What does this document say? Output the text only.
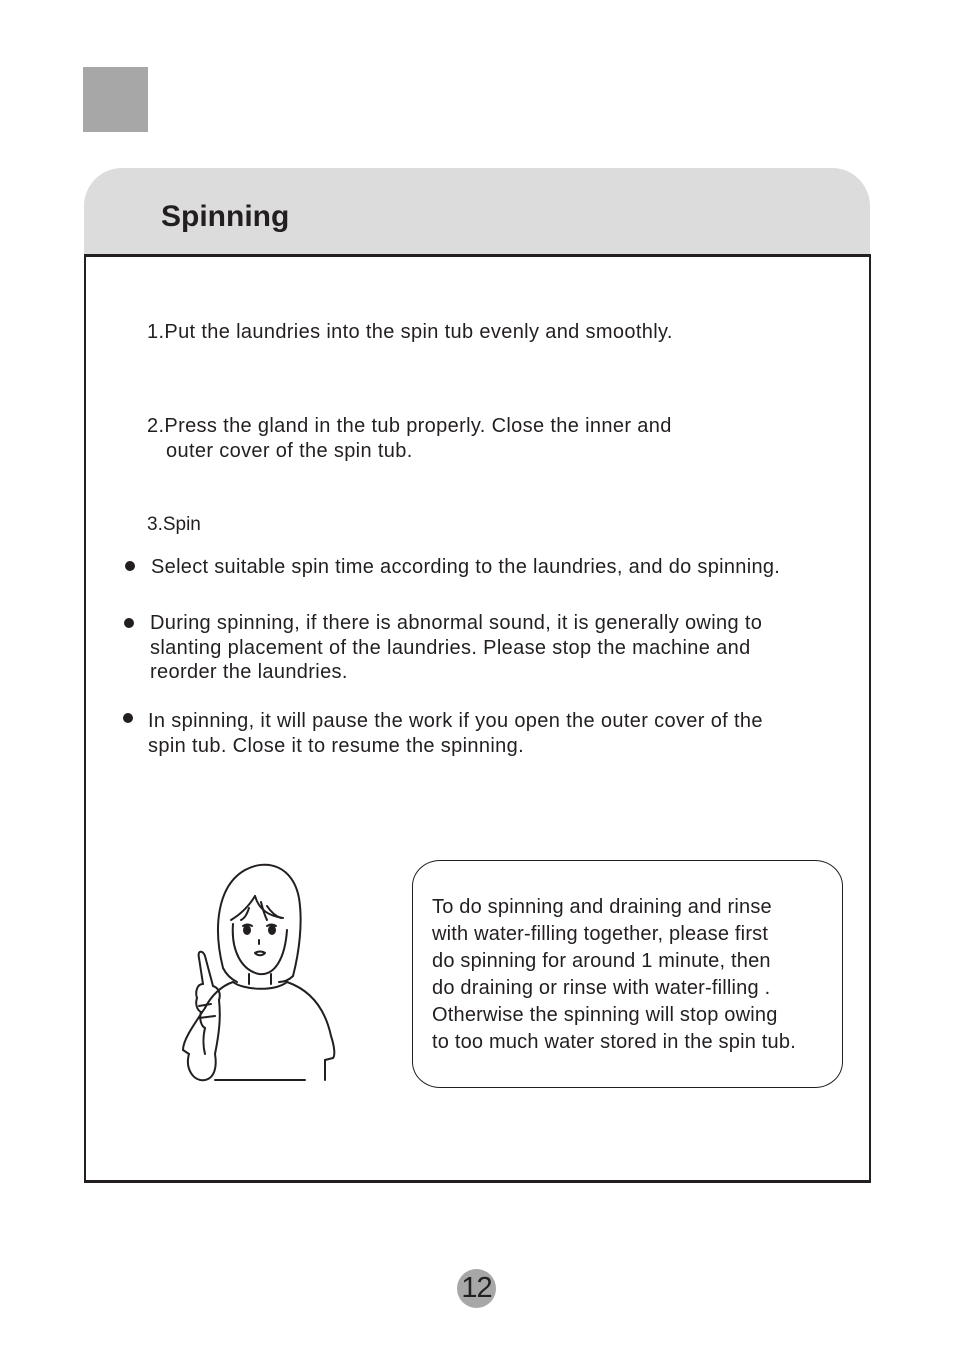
Spinning

1.Put the laundries into the spin tub evenly and smoothly.

2.Press the gland in the tub properly. Close the inner and
outer cover of the spin tub.

3.Spin

Select suitable spin time according to the laundries, and do spinning.

During spinning, if there is abnormal sound, it is generally owing to
slanting placement of the laundries. Please stop the machine and
reorder the laundries.

In spinning, it will pause the work if you open the outer cover of the
spin tub. Close it to resume the spinning.

To do spinning and draining and rinse
with water-filling together, please first
do spinning for around 1 minute, then
do draining or rinse with water-filling .
Otherwise the spinning will stop owing
to too much water stored in the spin tub.

12
